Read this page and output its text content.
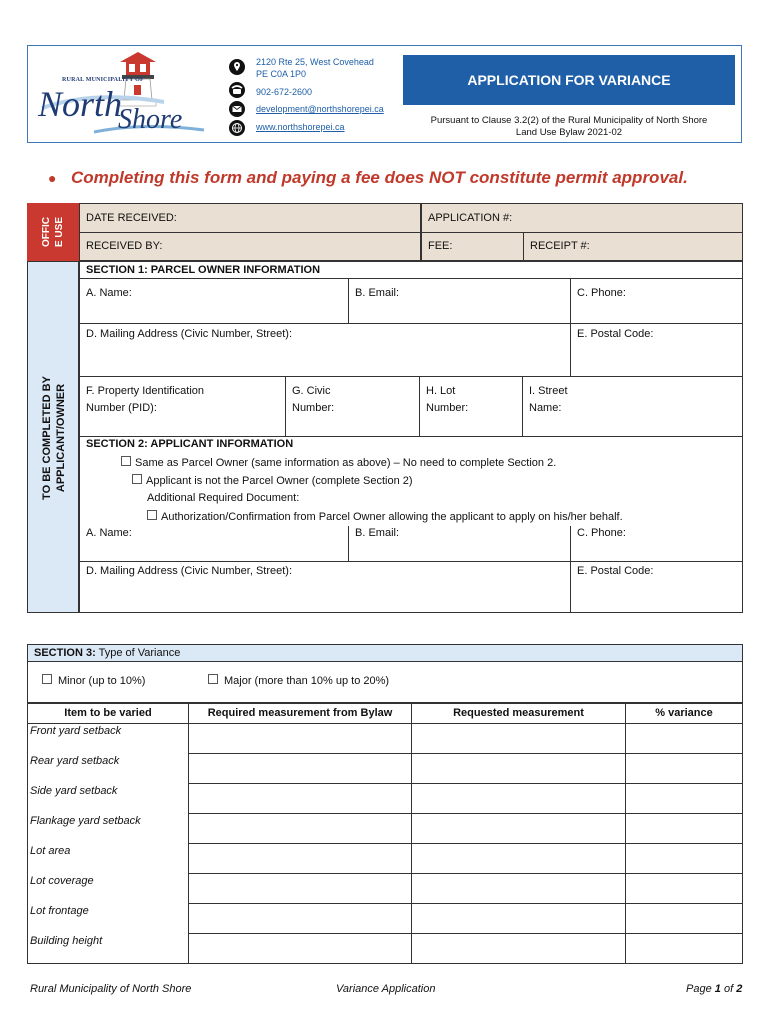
RURAL MUNICIPALITY OF
North
Shore
2120 Rte 25, West Covehead
PE C0A 1P0
902-672-2600
development@northshorepei.ca
www.northshorepei.ca
APPLICATION FOR VARIANCE
Pursuant to Clause 3.2(2) of the Rural Municipality of North Shore
Land Use Bylaw 2021-02
● Completing this form and paying a fee does NOT constitute permit approval.
OFFIC E USE	DATE RECEIVED:	APPLICATION #:
RECEIVED BY:	FEE:	RECEIPT #:
TO BE COMPLETED BY APPLICANT/OWNER
SECTION 1: PARCEL OWNER INFORMATION
A. Name:	B. Email:	C. Phone:
D. Mailing Address (Civic Number, Street):	E. Postal Code:
F. Property Identification
Number (PID):
G. Civic
Number:
H. Lot
Number:
I. Street
Name:
SECTION 2: APPLICANT INFORMATION
Same as Parcel Owner (same information as above) – No need to complete Section 2.
Applicant is not the Parcel Owner (complete Section 2)
Additional Required Document:
Authorization/Confirmation from Parcel Owner allowing the applicant to apply on his/her behalf.
A. Name:	B. Email:	C. Phone:
D. Mailing Address (Civic Number, Street):	E. Postal Code:
SECTION 3: Type of Variance
Minor (up to 10%)	Major (more than 10% up to 20%)
Item to be varied	Required measurement from Bylaw	Requested measurement	% variance
Front yard setback
Rear yard setback
Side yard setback
Flankage yard setback
Lot area
Lot coverage
Lot frontage
Building height
Rural Municipality of North Shore	Variance Application	Page 1 of 2
